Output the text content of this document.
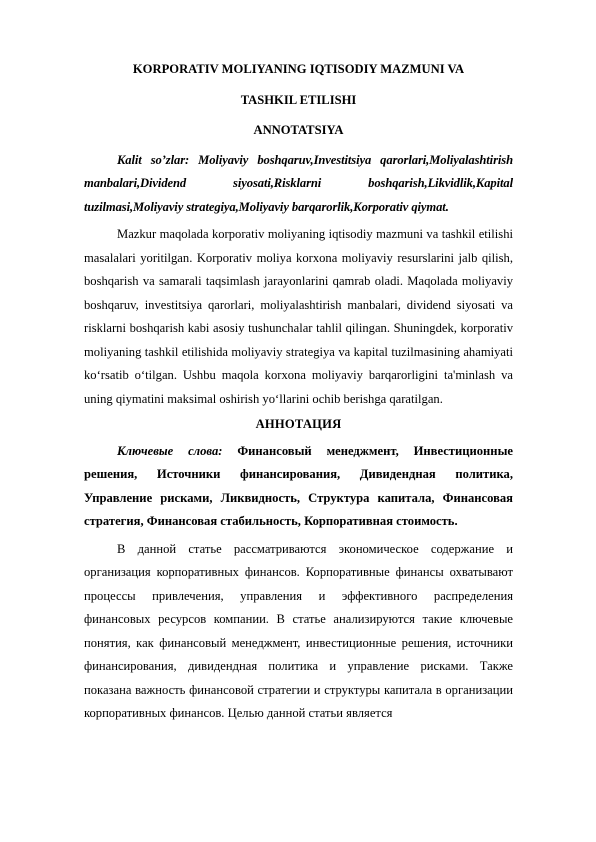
KORPORATIV MOLIYANING IQTISODIY MAZMUNI VA

TASHKIL ETILISHI

ANNOTATSIYA

Kalit so’zlar: Moliyaviy boshqaruv,Investitsiya qarorlari,Moliyalashtirish manbalari,Dividend siyosati,Risklarni boshqarish,Likvidlik,Kapital tuzilmasi,Moliyaviy strategiya,Moliyaviy barqarorlik,Korporativ qiymat.

Mazkur maqolada korporativ moliyaning iqtisodiy mazmuni va tashkil etilishi masalalari yoritilgan. Korporativ moliya korxona moliyaviy resurslarini jalb qilish, boshqarish va samarali taqsimlash jarayonlarini qamrab oladi. Maqolada moliyaviy boshqaruv, investitsiya qarorlari, moliyalashtirish manbalari, dividend siyosati va risklarni boshqarish kabi asosiy tushunchalar tahlil qilingan. Shuningdek, korporativ moliyaning tashkil etilishida moliyaviy strategiya va kapital tuzilmasining ahamiyati ko‘rsatib o‘tilgan. Ushbu maqola korxona moliyaviy barqarorligini ta'minlash va uning qiymatini maksimal oshirish yo‘llarini ochib berishga qaratilgan.

АННОТАЦИЯ

Ключевые слова: Финансовый менеджмент, Инвестиционные решения, Источники финансирования, Дивидендная политика, Управление рисками, Ликвидность, Структура капитала, Финансовая стратегия, Финансовая стабильность, Корпоративная стоимость.

В данной статье рассматриваются экономическое содержание и организация корпоративных финансов. Корпоративные финансы охватывают процессы привлечения, управления и эффективного распределения финансовых ресурсов компании. В статье анализируются такие ключевые понятия, как финансовый менеджмент, инвестиционные решения, источники финансирования, дивидендная политика и управление рисками. Также показана важность финансовой стратегии и структуры капитала в организации корпоративных финансов. Целью данной статьи является
